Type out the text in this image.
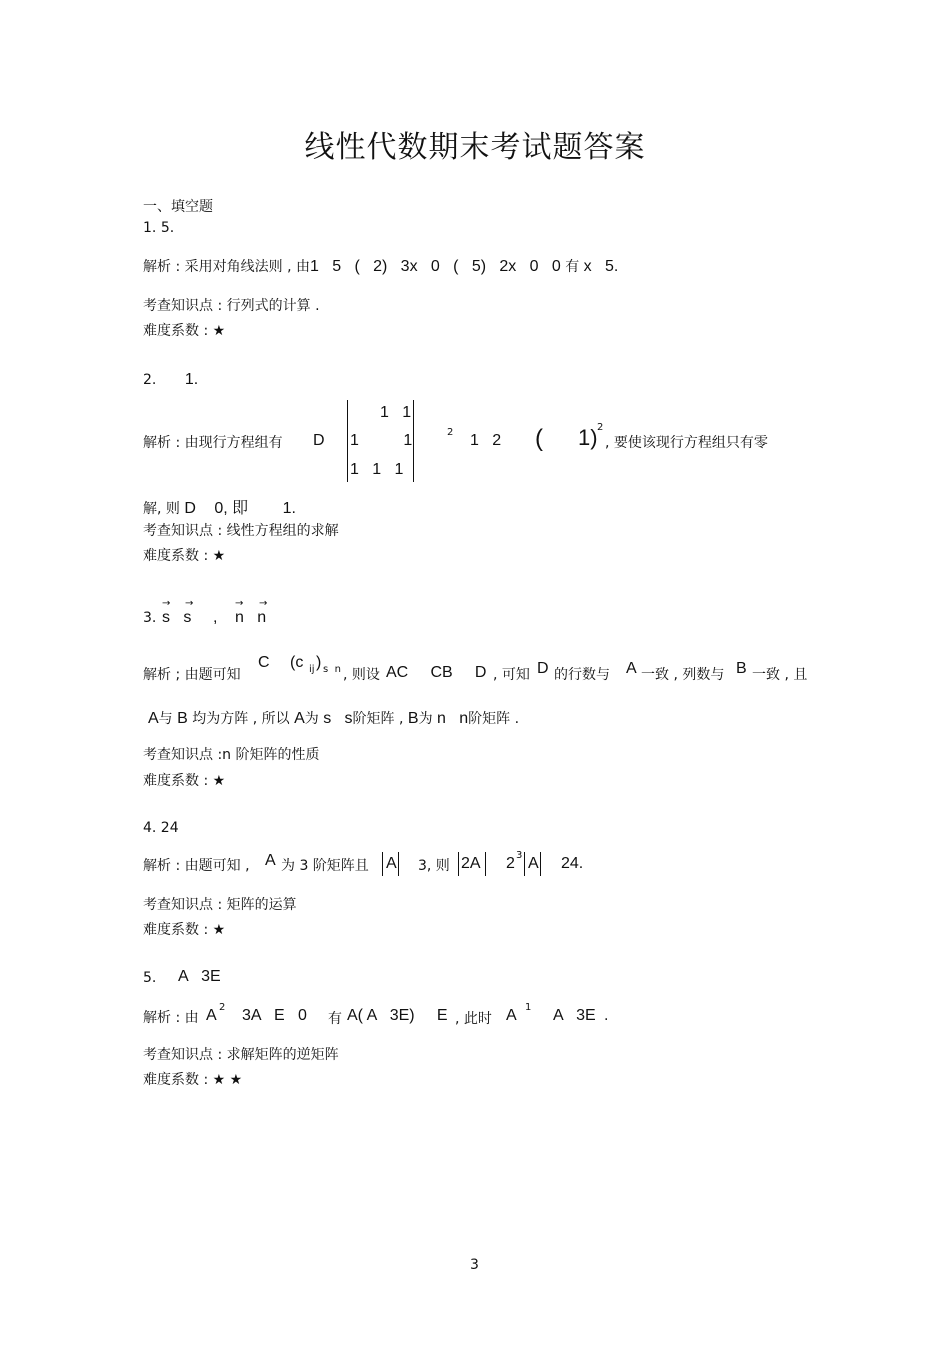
线性代数期末考试题答案
一、填空题
1. 5.
解析 : 采用对角线法则 , 由1   5   (   2)   3x   0   (   5)   2x   0   0 有 x   5.
考查知识点 : 行列式的计算 .
难度系数 : ★
2. 1.
解析 : 由现行方程组有 D
1   1
1          1
1   1   1
2 1   2 ( 1) 2
, 要使该现行方程组只有零
解, 则 D 0, 即 1.
考查知识点 : 线性方程组的求解
难度系数 : ★
3.
→ →
s   s ,
→ →
n   n
解析 ; 由题可知
C (c ij ) s  n , 则设 AC     CB     D , 可知 D 的行数与 A 一致 , 列数与 B 一致 , 且
A与 B 均为方阵 , 所以 A为 s   s阶矩阵 , B为 n   n阶矩阵 .
考查知识点 :n 阶矩阵的性质
难度系数 : ★
4. 24
解析 : 由题可知 , A 为 3 阶矩阵且 A 3, 则 2A 2 3 A 24.
考查知识点 : 矩阵的运算
难度系数 : ★
5. A   3E
解析 : 由 A 2 3A   E   0 有 A( A   3E)     E , 此时 A 1 A   3E .
考查知识点 : 求解矩阵的逆矩阵
难度系数 : ★ ★
3
